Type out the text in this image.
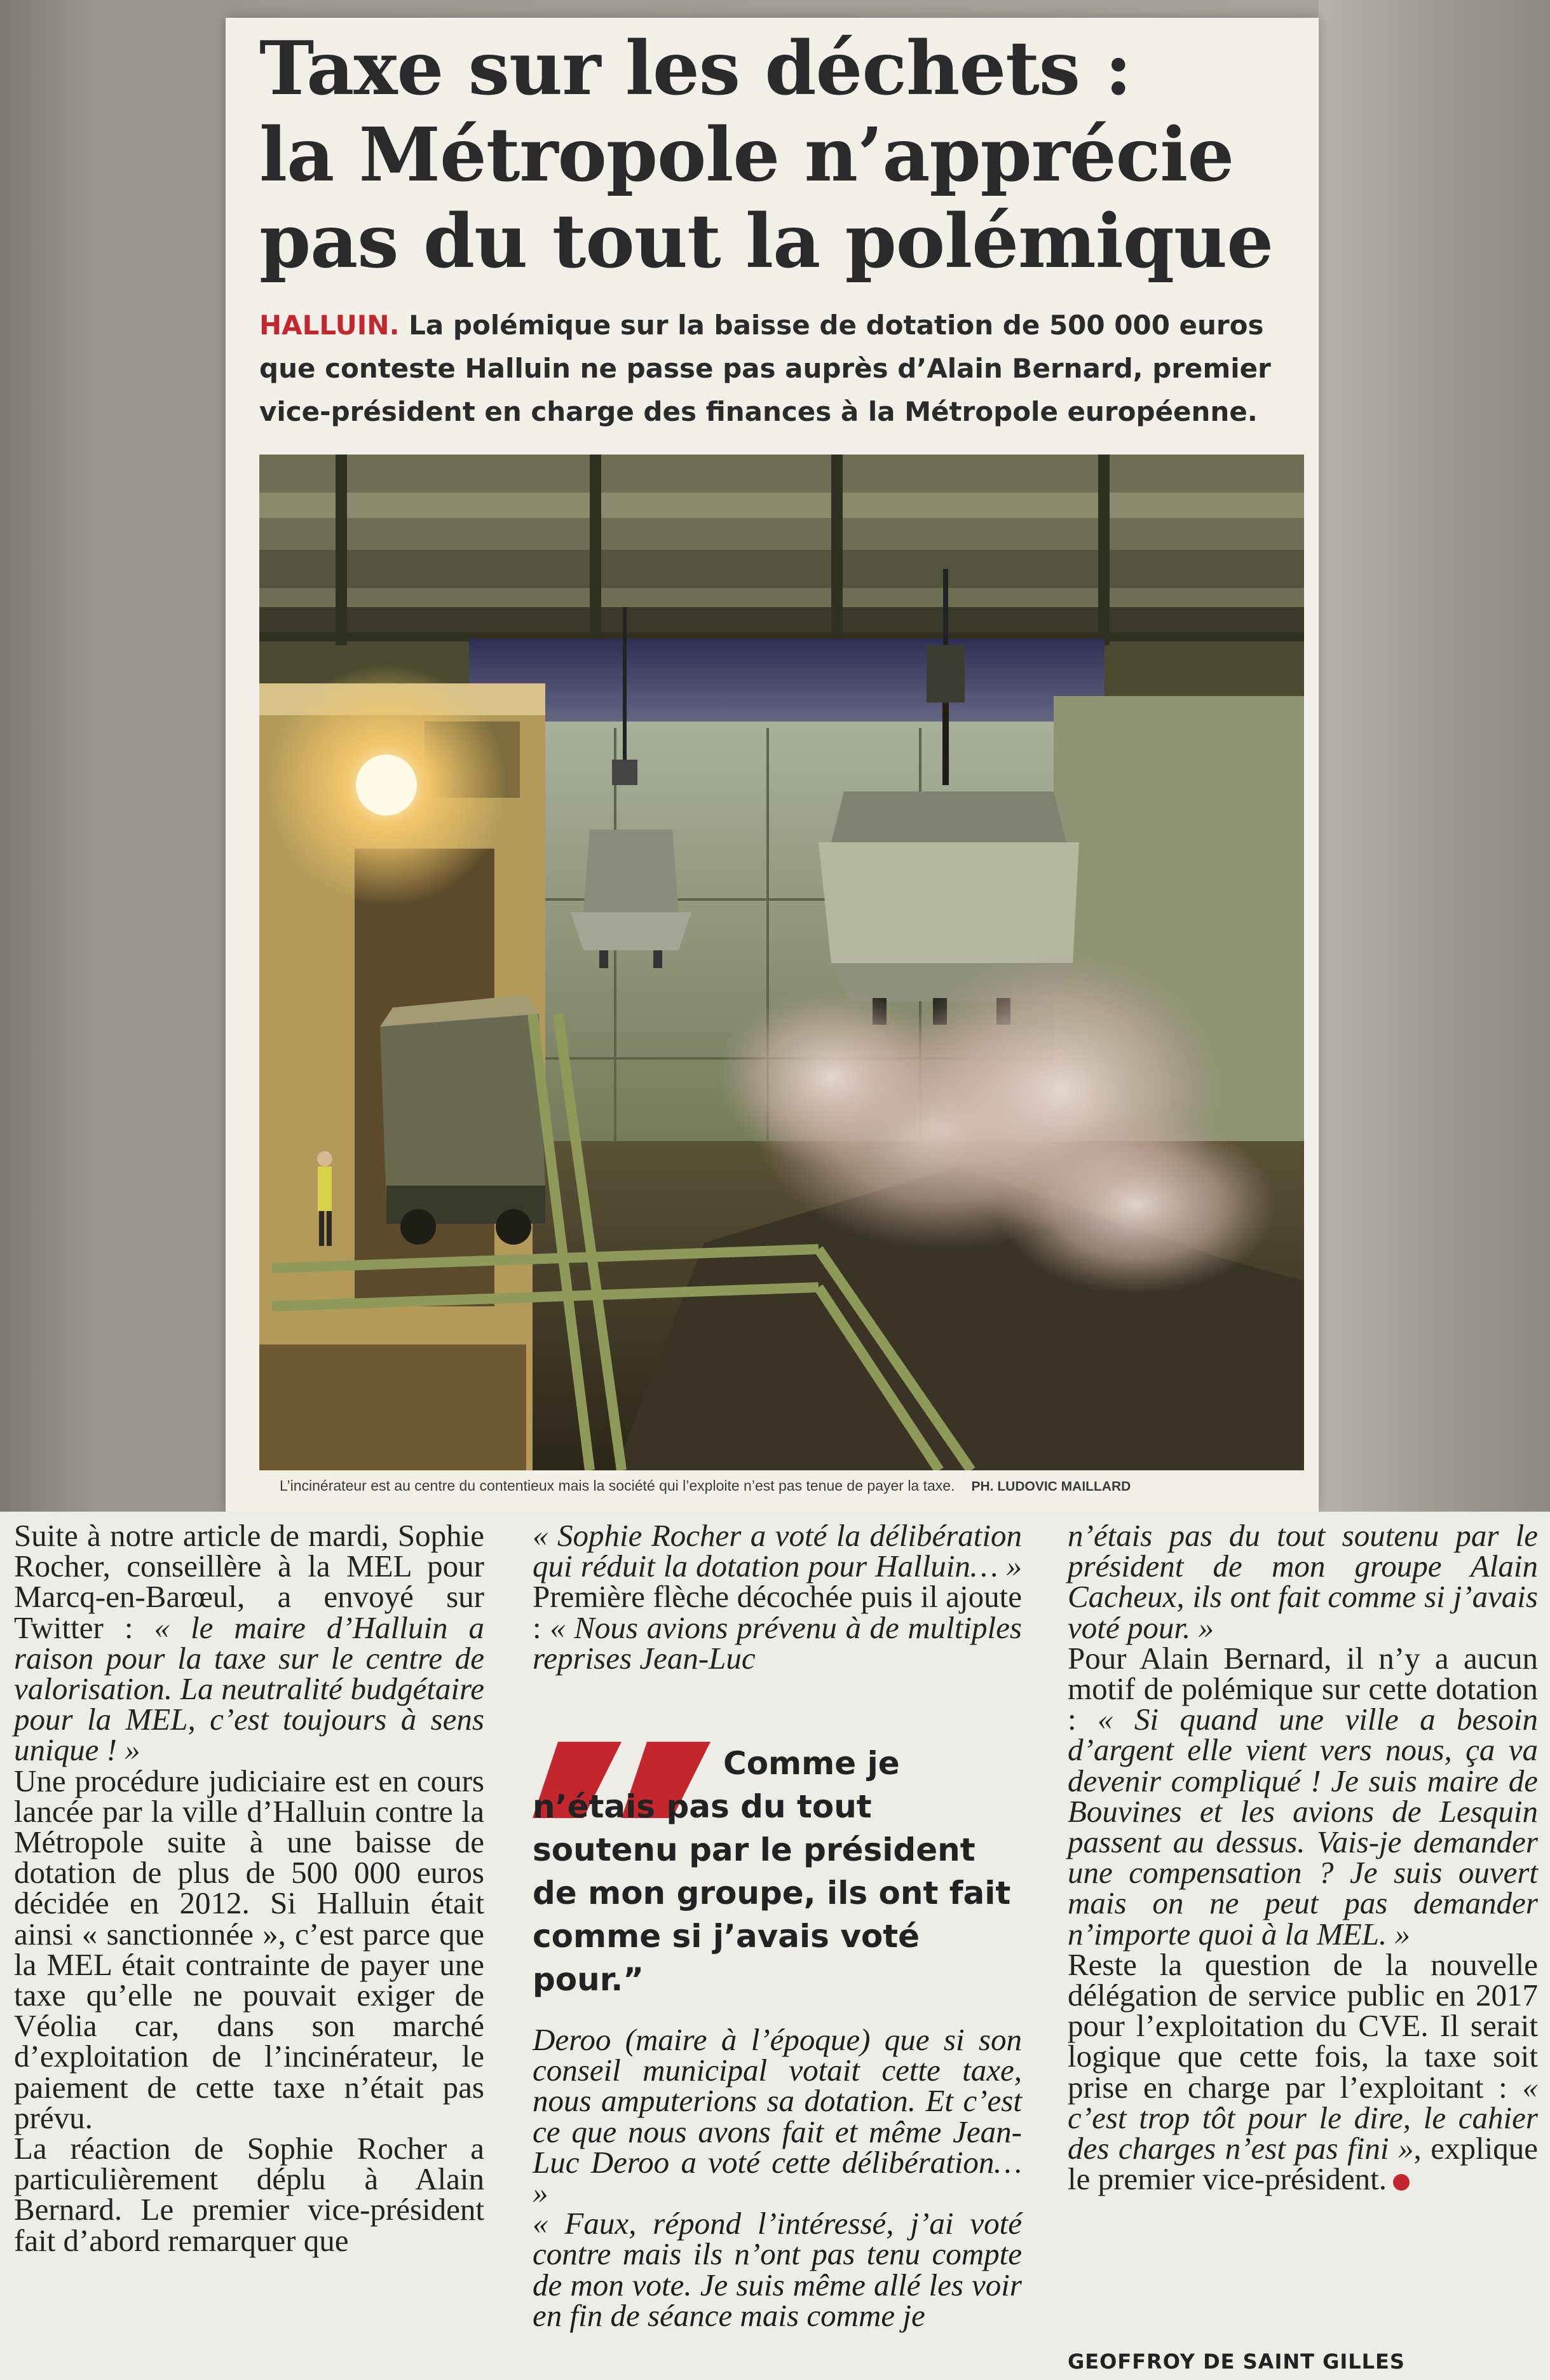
Taxe sur les déchets :
la Métropole n’apprécie
pas du tout la polémique

HALLUIN. La polémique sur la baisse de dotation de 500 000 euros que conteste Halluin ne passe pas auprès d’Alain Bernard, premier vice-président en charge des finances à la Métropole européenne.

L’incinérateur est au centre du contentieux mais la société qui l’exploite n’est pas tenue de payer la taxe. PH. LUDOVIC MAILLARD

Suite à notre article de mardi, Sophie Rocher, conseillère à la MEL pour Marcq-en-Barœul, a envoyé sur Twitter : « le maire d’Halluin a raison pour la taxe sur le centre de valorisation. La neutralité budgétaire pour la MEL, c’est toujours à sens unique ! »

Une procédure judiciaire est en cours lancée par la ville d’Halluin contre la Métropole suite à une baisse de dotation de plus de 500 000 euros décidée en 2012. Si Halluin était ainsi « sanctionnée », c’est parce que la MEL était contrainte de payer une taxe qu’elle ne pouvait exiger de Véolia car, dans son marché d’exploitation de l’incinérateur, le paiement de cette taxe n’était pas prévu.

La réaction de Sophie Rocher a particulièrement déplu à Alain Bernard. Le premier vice-président fait d’abord remarquer que

« Sophie Rocher a voté la délibération qui réduit la dotation pour Halluin… » Première flèche décochée puis il ajoute : « Nous avions prévenu à de multiples reprises Jean-Luc

Comme je n’étais pas du tout soutenu par le président de mon groupe, ils ont fait comme si j’avais voté pour.”

Deroo (maire à l’époque) que si son conseil municipal votait cette taxe, nous amputerions sa dotation. Et c’est ce que nous avons fait et même Jean-Luc Deroo a voté cette délibération… »

« Faux, répond l’intéressé, j’ai voté contre mais ils n’ont pas tenu compte de mon vote. Je suis même allé les voir en fin de séance mais comme je

n’étais pas du tout soutenu par le président de mon groupe Alain Cacheux, ils ont fait comme si j’avais voté pour. »

Pour Alain Bernard, il n’y a aucun motif de polémique sur cette dotation : « Si quand une ville a besoin d’argent elle vient vers nous, ça va devenir compliqué ! Je suis maire de Bouvines et les avions de Lesquin passent au dessus. Vais-je demander une compensation ? Je suis ouvert mais on ne peut pas demander n’importe quoi à la MEL. »

Reste la question de la nouvelle délégation de service public en 2017 pour l’exploitation du CVE. Il serait logique que cette fois, la taxe soit prise en charge par l’exploitant : « c’est trop tôt pour le dire, le cahier des charges n’est pas fini », explique le premier vice-président.

GEOFFROY DE SAINT GILLES
